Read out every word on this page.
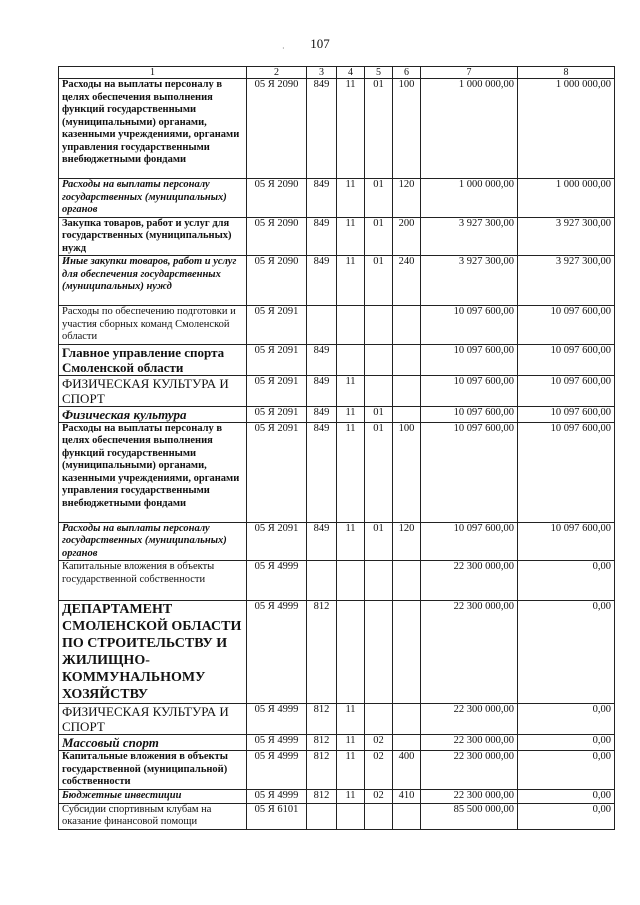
107
·
1	2	3	4	5	6	7	8
Расходы на выплаты персоналу в целях обеспечения выполнения функций государственными (муниципальными) органами, казенными учреждениями, органами управления государственными внебюджетными фондами	05 Я 2090	849	11	01	100	1 000 000,00	1 000 000,00
Расходы на выплаты персоналу государственных (муниципальных) органов	05 Я 2090	849	11	01	120	1 000 000,00	1 000 000,00
Закупка товаров, работ и услуг для государственных (муниципальных) нужд	05 Я 2090	849	11	01	200	3 927 300,00	3 927 300,00
Иные закупки товаров, работ и услуг для обеспечения государственных (муниципальных) нужд	05 Я 2090	849	11	01	240	3 927 300,00	3 927 300,00
Расходы по обеспечению подготовки и участия сборных команд Смоленской области	05 Я 2091					10 097 600,00	10 097 600,00
Главное управление спорта Смоленской области	05 Я 2091	849				10 097 600,00	10 097 600,00
ФИЗИЧЕСКАЯ КУЛЬТУРА И СПОРТ	05 Я 2091	849	11			10 097 600,00	10 097 600,00
Физическая культура	05 Я 2091	849	11	01		10 097 600,00	10 097 600,00
Расходы на выплаты персоналу в целях обеспечения выполнения функций государственными (муниципальными) органами, казенными учреждениями, органами управления государственными внебюджетными фондами	05 Я 2091	849	11	01	100	10 097 600,00	10 097 600,00
Расходы на выплаты персоналу государственных (муниципальных) органов	05 Я 2091	849	11	01	120	10 097 600,00	10 097 600,00
Капитальные вложения в объекты государственной собственности	05 Я 4999					22 300 000,00	0,00
ДЕПАРТАМЕНТ СМОЛЕНСКОЙ ОБЛАСТИ ПО СТРОИТЕЛЬСТВУ И ЖИЛИЩНО-КОММУНАЛЬНОМУ ХОЗЯЙСТВУ	05 Я 4999	812				22 300 000,00	0,00
ФИЗИЧЕСКАЯ КУЛЬТУРА И СПОРТ	05 Я 4999	812	11			22 300 000,00	0,00
Массовый спорт	05 Я 4999	812	11	02		22 300 000,00	0,00
Капитальные вложения в объекты государственной (муниципальной) собственности	05 Я 4999	812	11	02	400	22 300 000,00	0,00
Бюджетные инвестиции	05 Я 4999	812	11	02	410	22 300 000,00	0,00
Субсидии спортивным клубам на оказание финансовой помощи	05 Я 6101					85 500 000,00	0,00
